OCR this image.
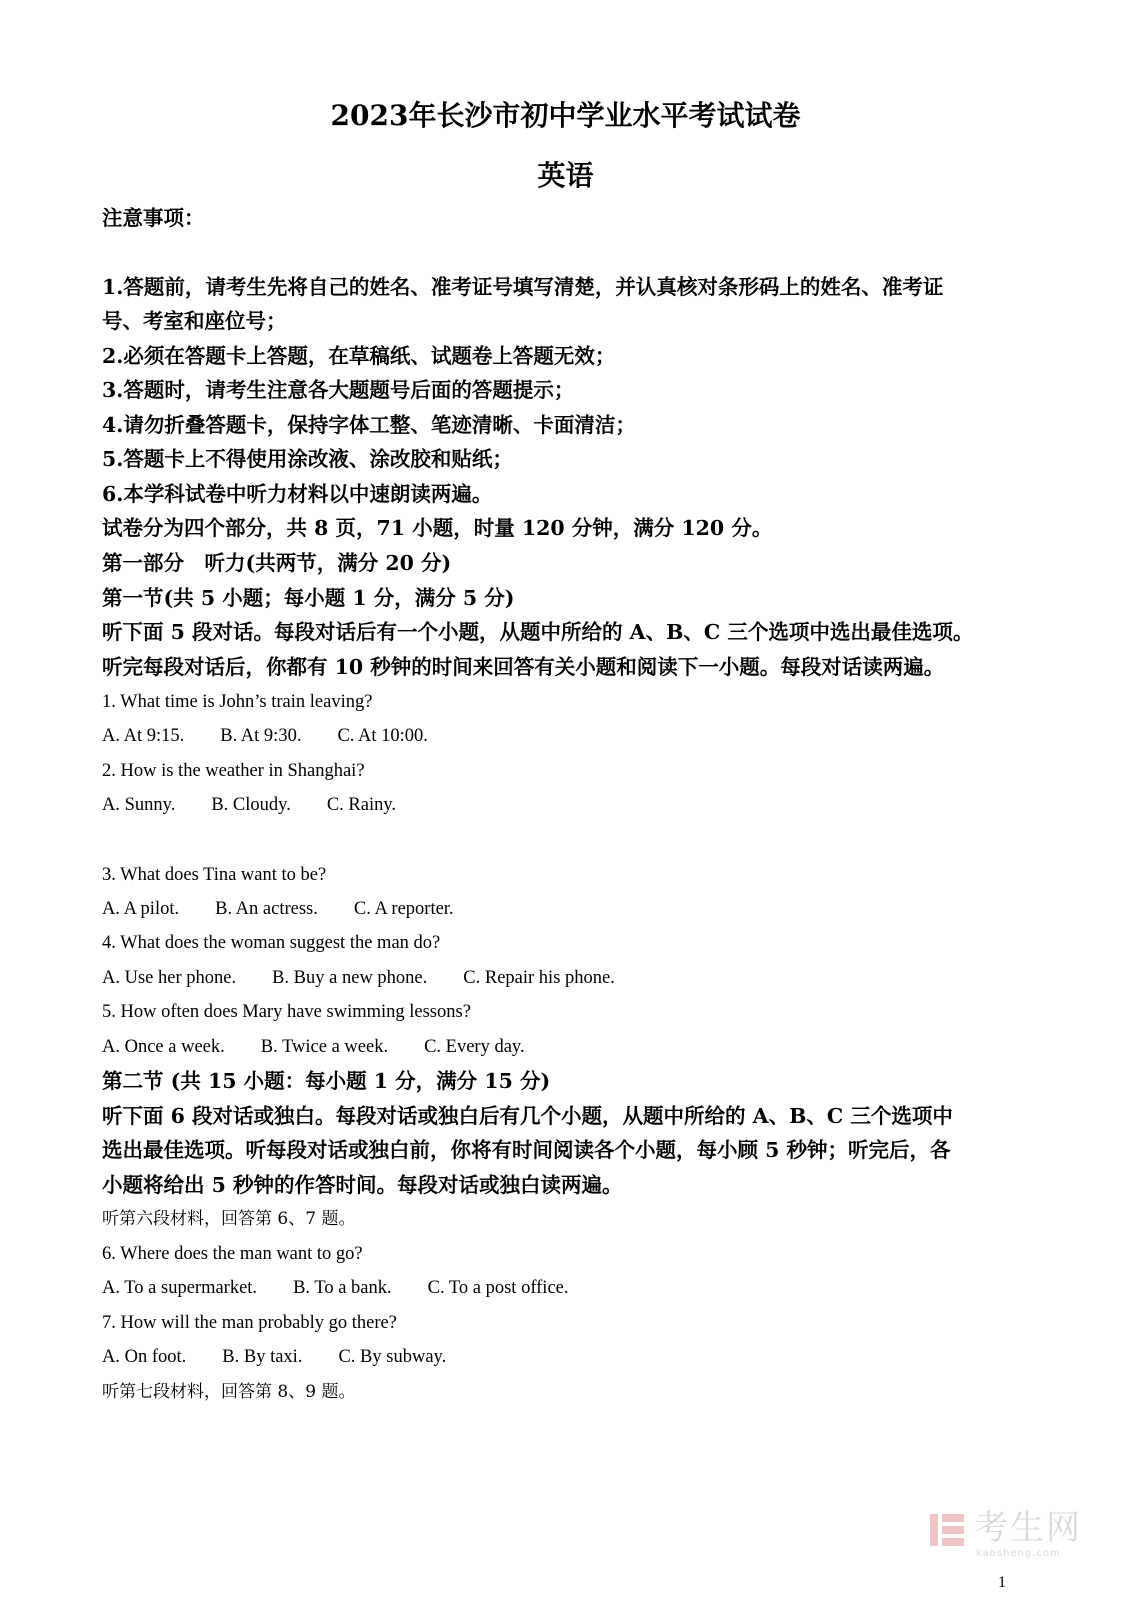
2023年长沙市初中学业水平考试试卷
英语
注意事项：
1.答题前，请考生先将自己的姓名、准考证号填写清楚，并认真核对条形码上的姓名、准考证
号、考室和座位号；
2.必须在答题卡上答题，在草稿纸、试题卷上答题无效；
3.答题时，请考生注意各大题题号后面的答题提示；
4.请勿折叠答题卡，保持字体工整、笔迹清晰、卡面清洁；
5.答题卡上不得使用涂改液、涂改胶和贴纸；
6.本学科试卷中听力材料以中速朗读两遍。
试卷分为四个部分，共 8 页，71 小题，时量 120 分钟，满分 120 分。
第一部分　听力(共两节，满分 20 分)
第一节(共 5 小题；每小题 1 分，满分 5 分)
听下面 5 段对话。每段对话后有一个小题，从题中所给的 A、B、C 三个选项中选出最佳选项。
听完每段对话后，你都有 10 秒钟的时间来回答有关小题和阅读下一小题。每段对话读两遍。
1. What time is John’s train leaving?
A. At 9:15. B. At 9:30. C. At 10:00.
2. How is the weather in Shanghai?
A. Sunny. B. Cloudy. C. Rainy.
3. What does Tina want to be?
A. A pilot. B. An actress. C. A reporter.
4. What does the woman suggest the man do?
A. Use her phone. B. Buy a new phone. C. Repair his phone.
5. How often does Mary have swimming lessons?
A. Once a week. B. Twice a week. C. Every day.
第二节 (共 15 小题：每小题 1 分，满分 15 分)
听下面 6 段对话或独白。每段对话或独白后有几个小题，从题中所给的 A、B、C 三个选项中
选出最佳选项。听每段对话或独白前，你将有时间阅读各个小题，每小顾 5 秒钟；听完后，各
小题将给出 5 秒钟的作答时间。每段对话或独白读两遍。
听第六段材料，回答第 6、7 题。
6. Where does the man want to go?
A. To a supermarket. B. To a bank. C. To a post office.
7. How will the man probably go there?
A. On foot. B. By taxi. C. By subway.
听第七段材料，回答第 8、9 题。
考生网
kaosheng.com
1
